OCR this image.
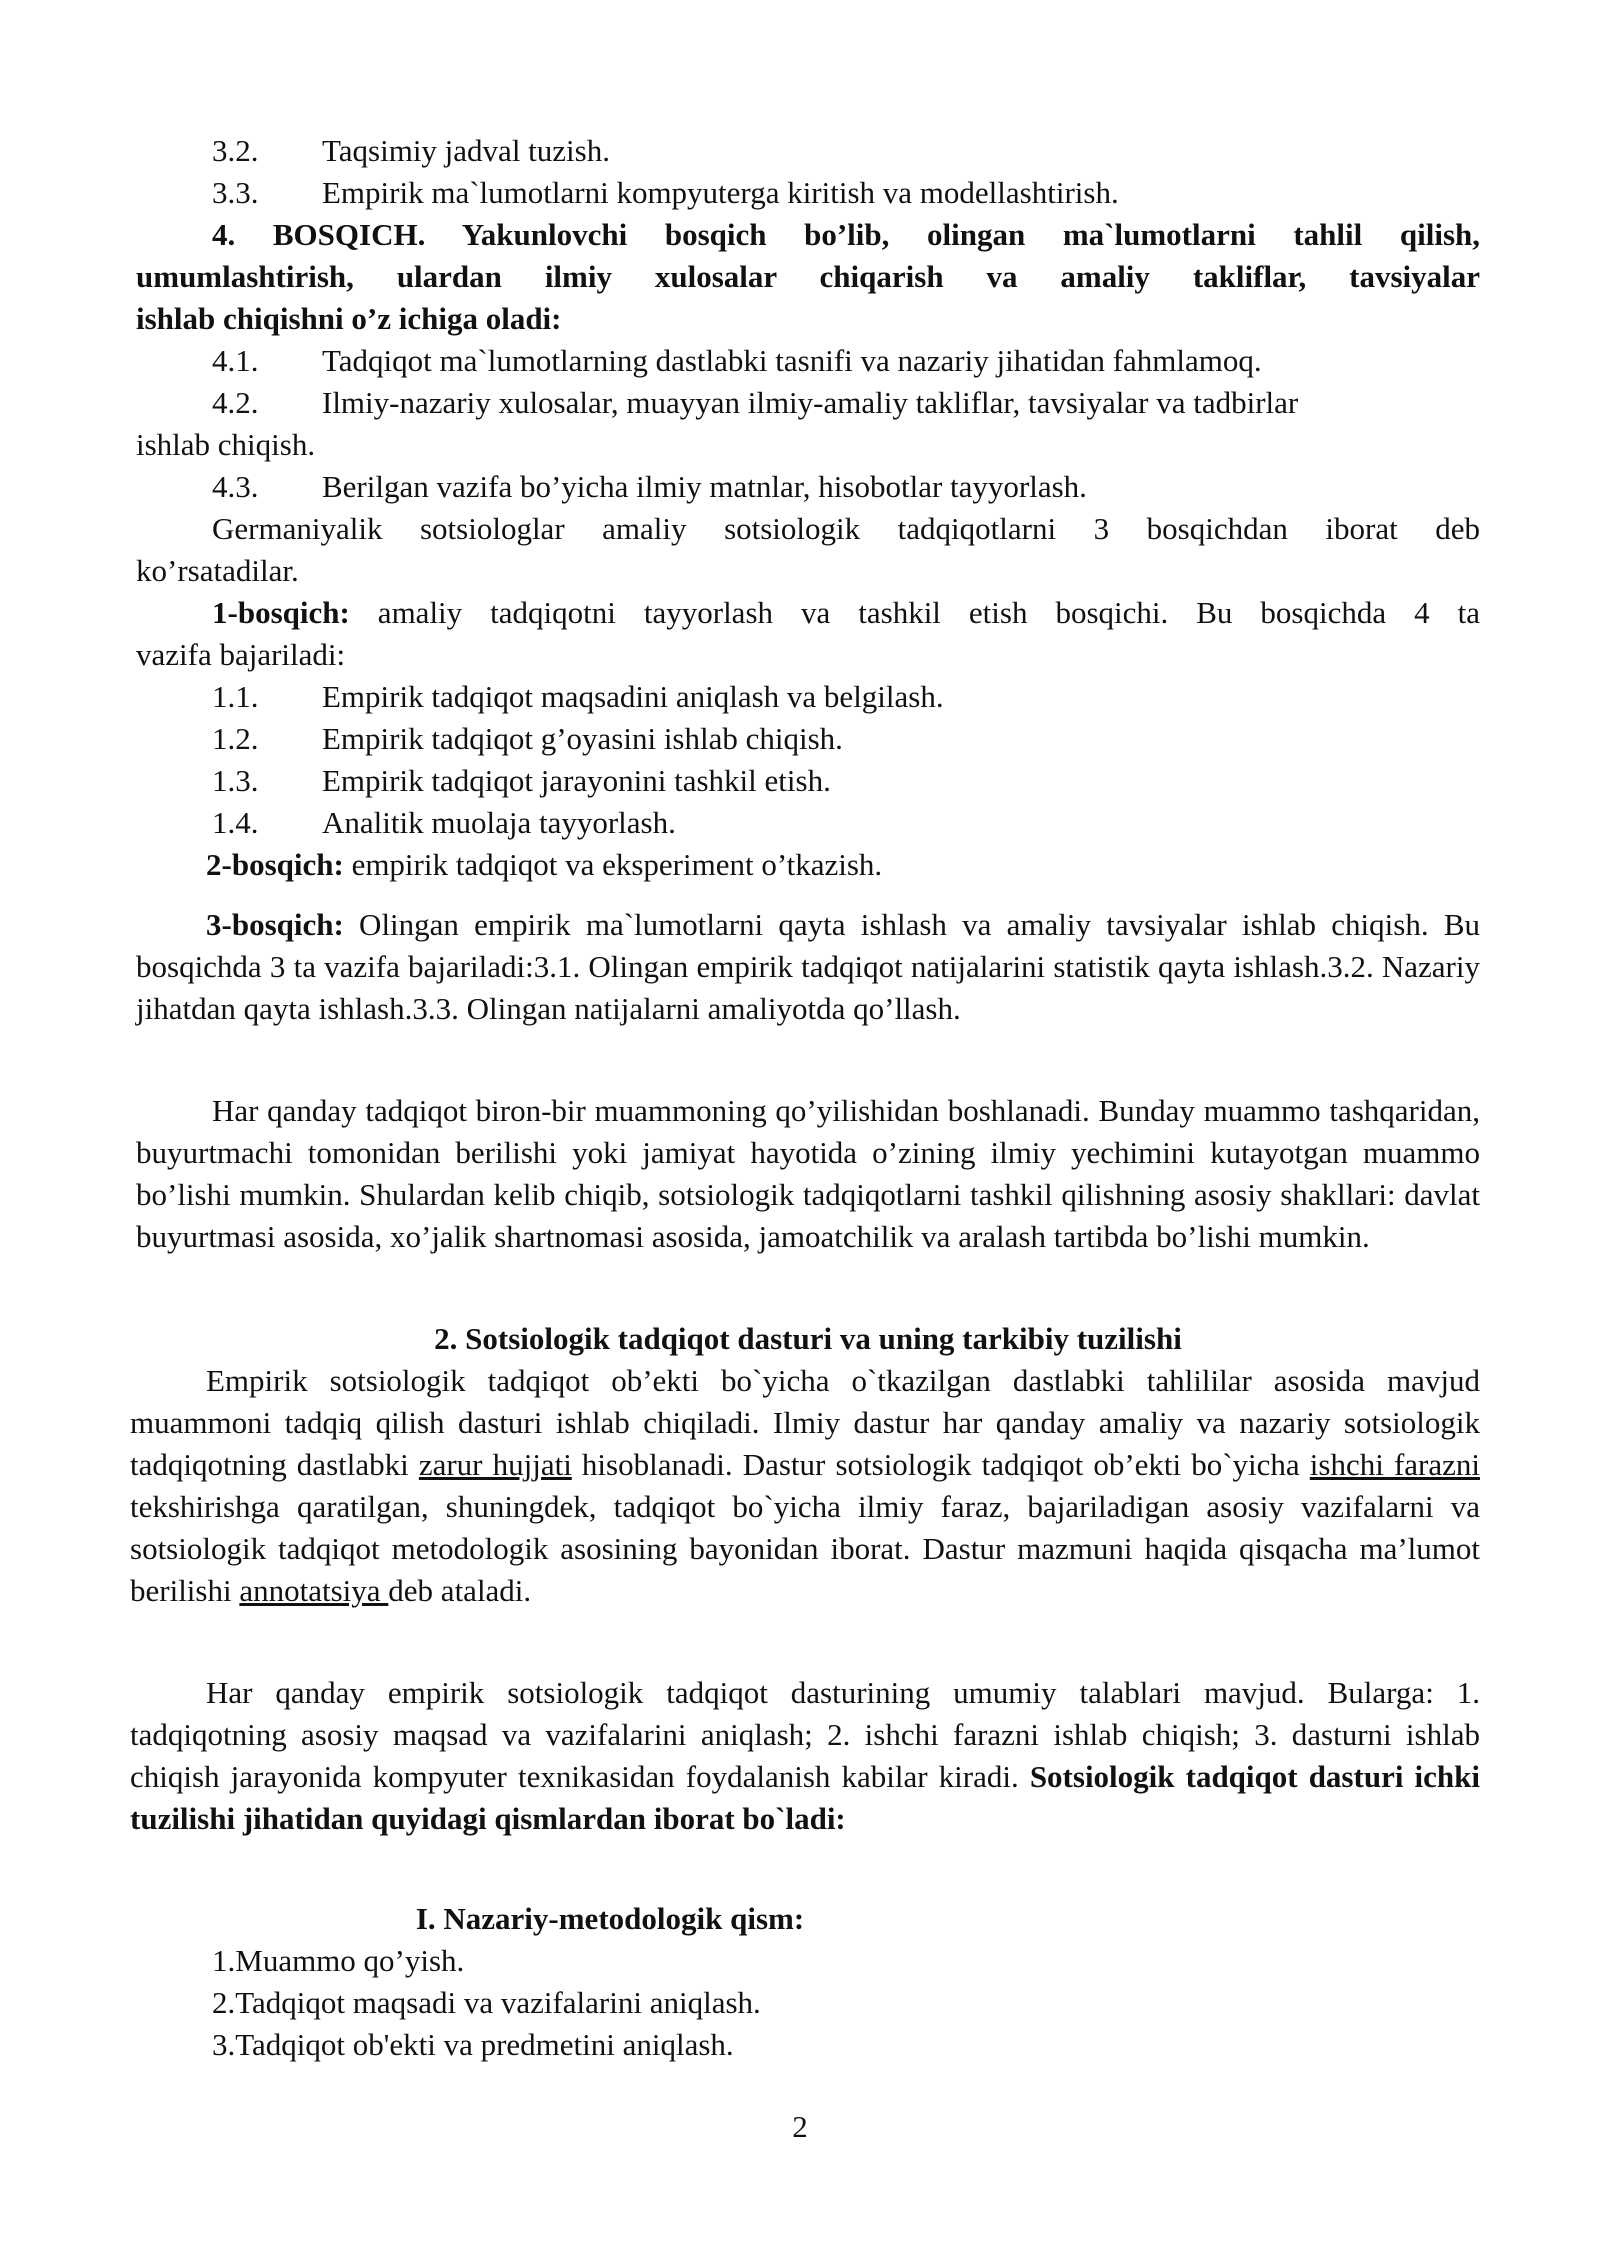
3.2. Taqsimiy jadval tuzish.
3.3. Empirik ma`lumotlarni kompyuterga kiritish va modellashtirish.
4. BOSQICH. Yakunlovchi bosqich bo’lib, olingan ma`lumotlarni tahlil qilish,
umumlashtirish, ulardan ilmiy xulosalar chiqarish va amaliy takliflar, tavsiyalar
ishlab chiqishni o’z ichiga oladi:
4.1. Tadqiqot ma`lumotlarning dastlabki tasnifi va nazariy jihatidan fahmlamoq.
4.2. Ilmiy-nazariy xulosalar, muayyan ilmiy-amaliy takliflar, tavsiyalar va tadbirlar
ishlab chiqish.
4.3. Berilgan vazifa bo’yicha ilmiy matnlar, hisobotlar tayyorlash.
Germaniyalik sotsiologlar amaliy sotsiologik tadqiqotlarni 3 bosqichdan iborat deb
ko’rsatadilar.
1-bosqich: amaliy tadqiqotni tayyorlash va tashkil etish bosqichi. Bu bosqichda 4 ta
vazifa bajariladi:
1.1. Empirik tadqiqot maqsadini aniqlash va belgilash.
1.2. Empirik tadqiqot g’oyasini ishlab chiqish.
1.3. Empirik tadqiqot jarayonini tashkil etish.
1.4. Analitik muolaja tayyorlash.
2-bosqich: empirik tadqiqot va eksperiment o’tkazish.
3-bosqich: Olingan empirik ma`lumotlarni qayta ishlash va amaliy tavsiyalar ishlab chiqish. Bu bosqichda 3 ta vazifa bajariladi:3.1. Olingan empirik tadqiqot natijalarini statistik qayta ishlash.3.2. Nazariy jihatdan qayta ishlash.3.3. Olingan natijalarni amaliyotda qo’llash.
Har qanday tadqiqot biron-bir muammoning qo’yilishidan boshlanadi. Bunday muammo tashqaridan, buyurtmachi tomonidan berilishi yoki jamiyat hayotida o’zining ilmiy yechimini kutayotgan muammo bo’lishi mumkin. Shulardan kelib chiqib, sotsiologik tadqiqotlarni tashkil qilishning asosiy shakllari: davlat buyurtmasi asosida, xo’jalik shartnomasi asosida, jamoatchilik va aralash tartibda bo’lishi mumkin.
2. Sotsiologik tadqiqot dasturi va uning tarkibiy tuzilishi
Empirik sotsiologik tadqiqot ob’ekti bo`yicha o`tkazilgan dastlabki tahlililar asosida mavjud muammoni tadqiq qilish dasturi ishlab chiqiladi. Ilmiy dastur har qanday amaliy va nazariy sotsiologik tadqiqotning dastlabki zarur hujjati hisoblanadi. Dastur sotsiologik tadqiqot ob’ekti bo`yicha ishchi farazni tekshirishga qaratilgan, shuningdek, tadqiqot bo`yicha ilmiy faraz, bajariladigan asosiy vazifalarni va sotsiologik tadqiqot metodologik asosining bayonidan iborat. Dastur mazmuni haqida qisqacha ma’lumot berilishi annotatsiya deb ataladi.
Har qanday empirik sotsiologik tadqiqot dasturining umumiy talablari mavjud. Bularga: 1. tadqiqotning asosiy maqsad va vazifalarini aniqlash; 2. ishchi farazni ishlab chiqish; 3. dasturni ishlab chiqish jarayonida kompyuter texnikasidan foydalanish kabilar kiradi. Sotsiologik tadqiqot dasturi ichki tuzilishi jihatidan quyidagi qismlardan iborat bo`ladi:
I. Nazariy-metodologik qism:
1.Muammo qo’yish.
2.Tadqiqot maqsadi va vazifalarini aniqlash.
3.Tadqiqot ob'ekti va predmetini aniqlash.
2
